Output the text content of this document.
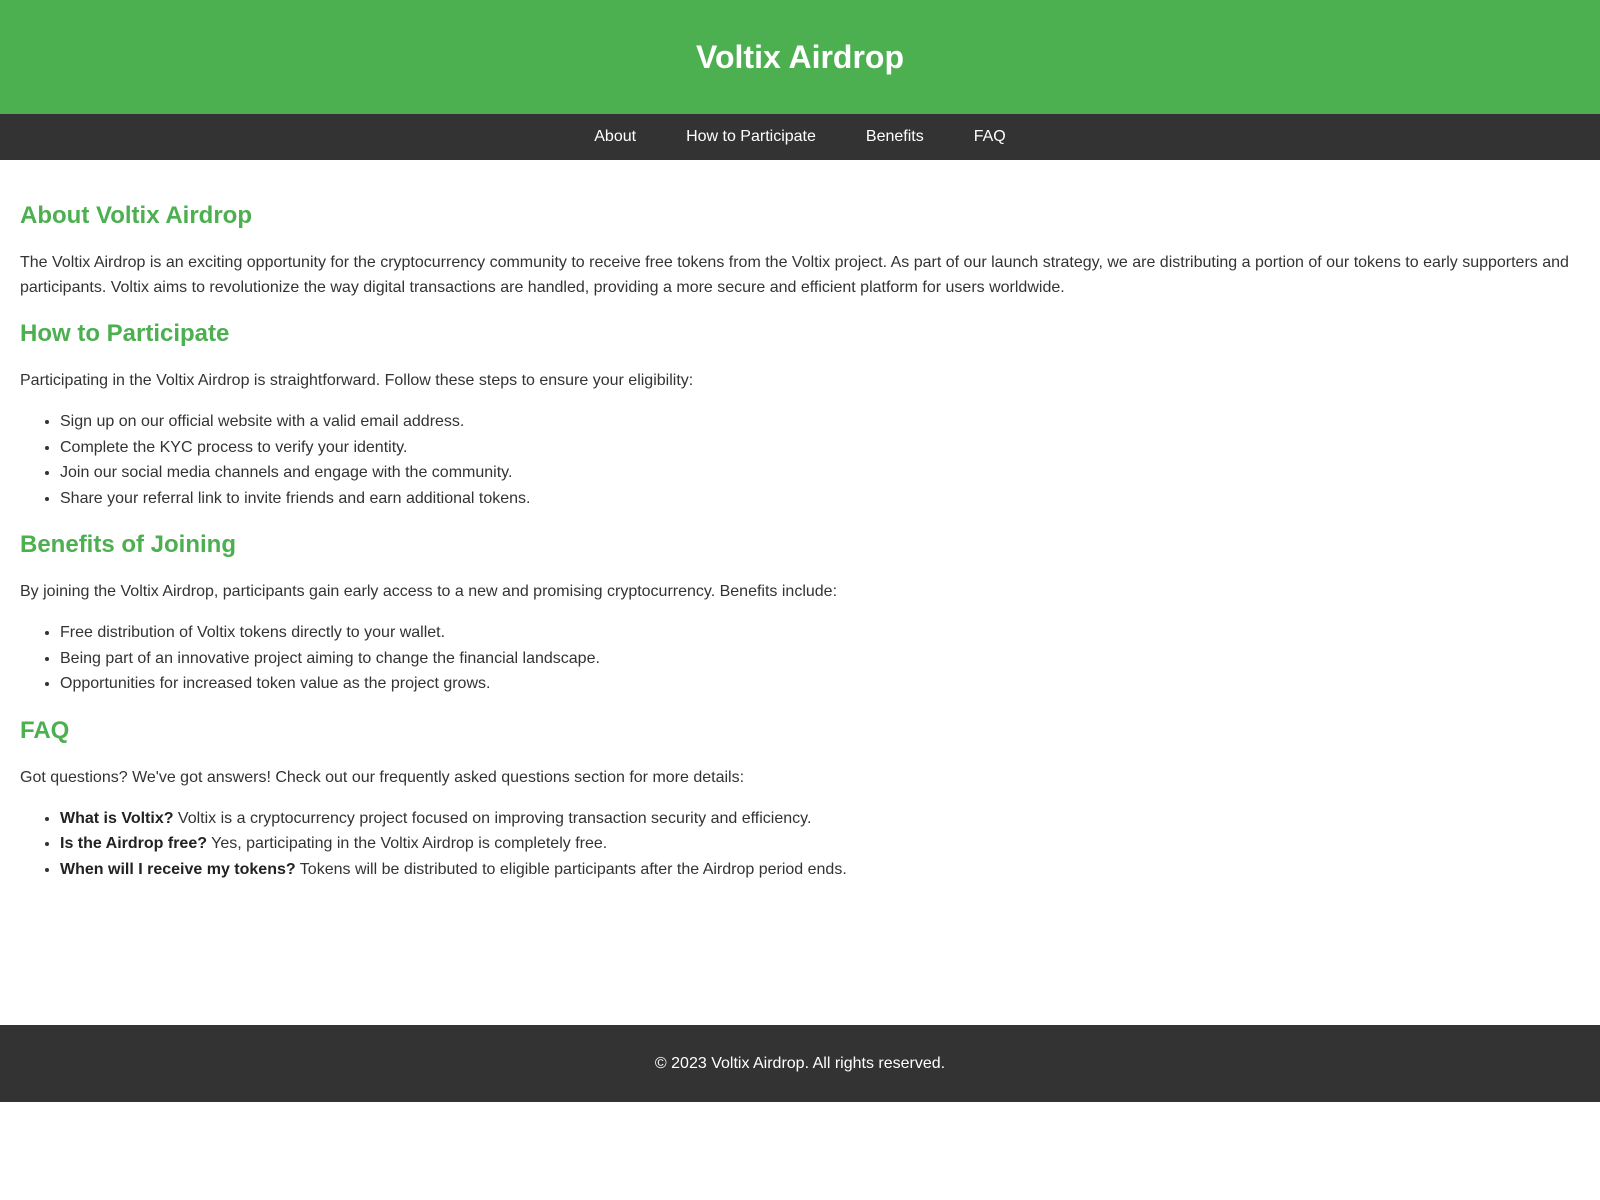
Voltix Airdrop
About	How to Participate	Benefits	FAQ
About Voltix Airdrop

The Voltix Airdrop is an exciting opportunity for the cryptocurrency community to receive free tokens from the Voltix project. As part of our launch strategy, we are distributing a portion of our tokens to early supporters and participants. Voltix aims to revolutionize the way digital transactions are handled, providing a more secure and efficient platform for users worldwide.

How to Participate

Participating in the Voltix Airdrop is straightforward. Follow these steps to ensure your eligibility:

• Sign up on our official website with a valid email address.
• Complete the KYC process to verify your identity.
• Join our social media channels and engage with the community.
• Share your referral link to invite friends and earn additional tokens.
Benefits of Joining

By joining the Voltix Airdrop, participants gain early access to a new and promising cryptocurrency. Benefits include:

• Free distribution of Voltix tokens directly to your wallet.
• Being part of an innovative project aiming to change the financial landscape.
• Opportunities for increased token value as the project grows.
FAQ

Got questions? We've got answers! Check out our frequently asked questions section for more details:

• What is Voltix? Voltix is a cryptocurrency project focused on improving transaction security and efficiency.
• Is the Airdrop free? Yes, participating in the Voltix Airdrop is completely free.
• When will I receive my tokens? Tokens will be distributed to eligible participants after the Airdrop period ends.
© 2023 Voltix Airdrop. All rights reserved.
